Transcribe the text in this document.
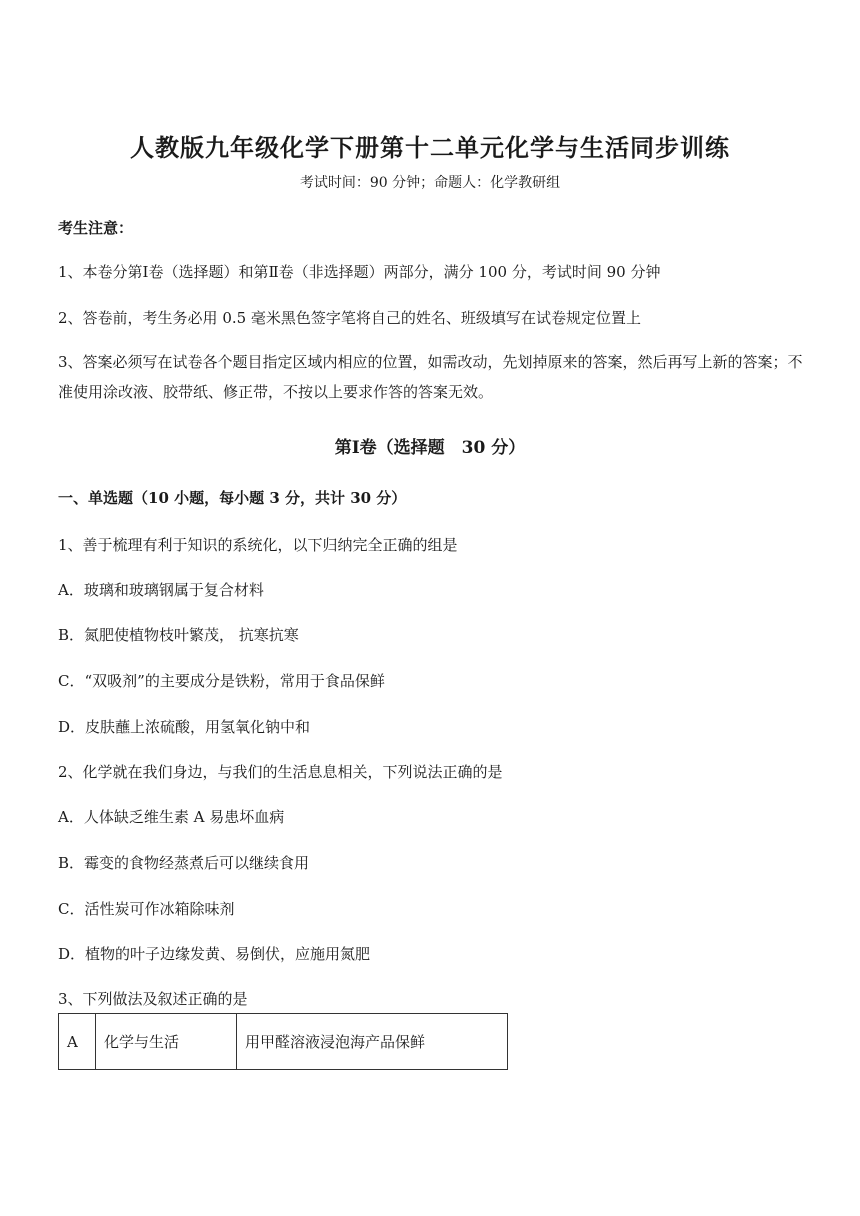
人教版九年级化学下册第十二单元化学与生活同步训练
考试时间：90 分钟；命题人：化学教研组
考生注意：
1、本卷分第Ⅰ卷（选择题）和第Ⅱ卷（非选择题）两部分，满分 100 分，考试时间 90 分钟
2、答卷前，考生务必用 0.5 毫米黑色签字笔将自己的姓名、班级填写在试卷规定位置上
3、答案必须写在试卷各个题目指定区域内相应的位置，如需改动，先划掉原来的答案，然后再写上新的答案；不准使用涂改液、胶带纸、修正带，不按以上要求作答的答案无效。
第Ⅰ卷（选择题　30 分）
一、单选题（10 小题，每小题 3 分，共计 30 分）
1、善于梳理有利于知识的系统化，以下归纳完全正确的组是
A．玻璃和玻璃钢属于复合材料
B．氮肥使植物枝叶繁茂， 抗寒抗寒
C．“双吸剂”的主要成分是铁粉，常用于食品保鲜
D．皮肤蘸上浓硫酸，用氢氧化钠中和
2、化学就在我们身边，与我们的生活息息相关，下列说法正确的是
A．人体缺乏维生素 A 易患坏血病
B．霉变的食物经蒸煮后可以继续食用
C．活性炭可作冰箱除味剂
D．植物的叶子边缘发黄、易倒伏，应施用氮肥
3、下列做法及叙述正确的是
A	化学与生活	用甲醛溶液浸泡海产品保鲜
